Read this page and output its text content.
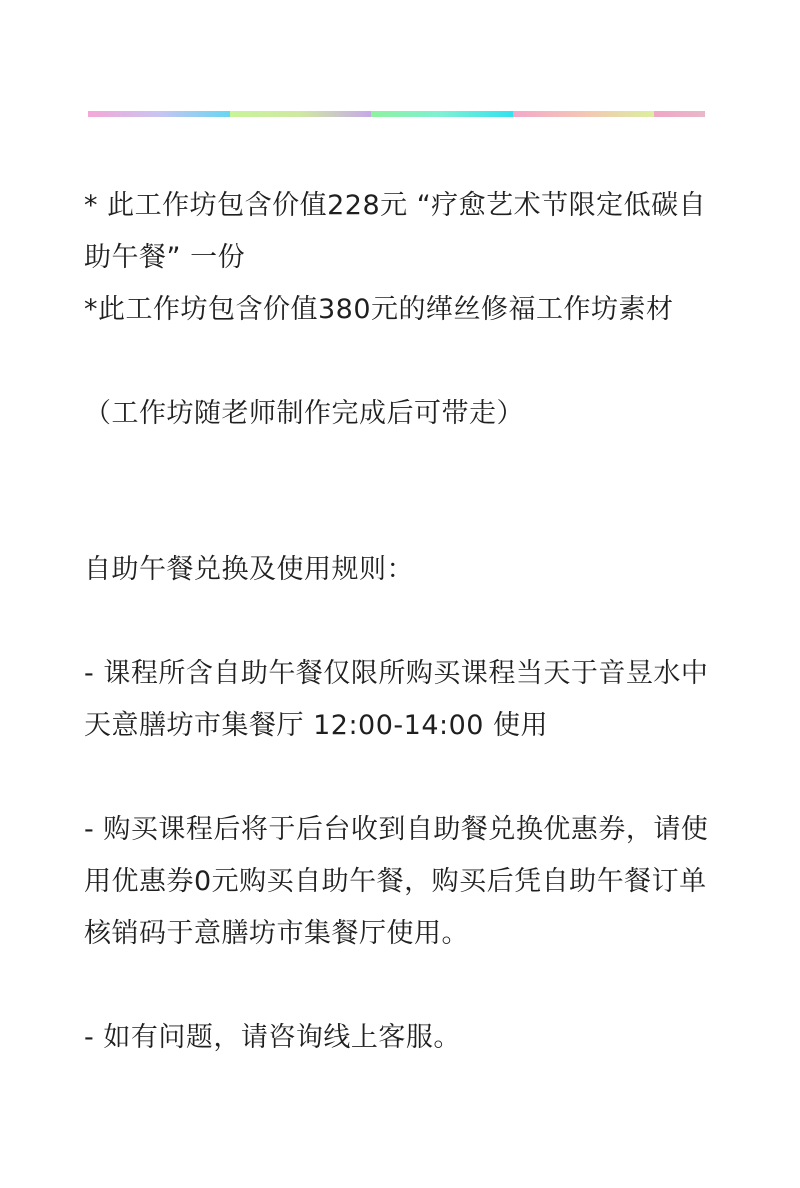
* 此工作坊包含价值228元 “疗愈艺术节限定低碳自助午餐” 一份

*此工作坊包含价值380元的缂丝修福工作坊素材

（工作坊随老师制作完成后可带走）

自助午餐兑换及使用规则：

- 课程所含自助午餐仅限所购买课程当天于音昱水中天意膳坊市集餐厅 12:00-14:00 使用

- 购买课程后将于后台收到自助餐兑换优惠券，请使用优惠券0元购买自助午餐，购买后凭自助午餐订单核销码于意膳坊市集餐厅使用。

- 如有问题，请咨询线上客服。
